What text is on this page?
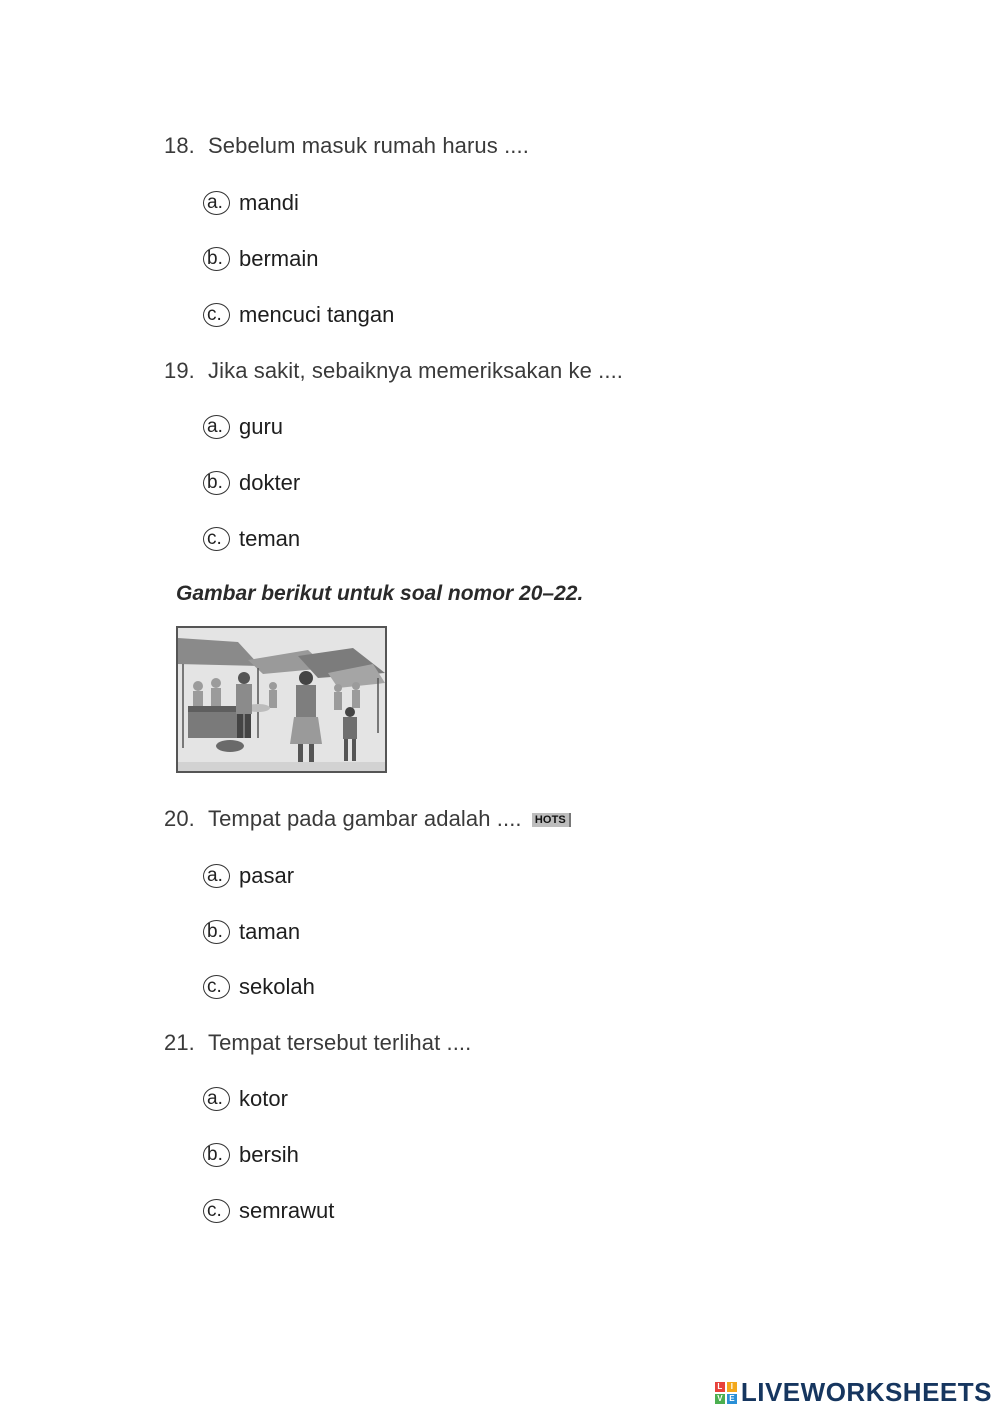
18. Sebelum masuk rumah harus ....
a. mandi
b. bermain
c. mencuci tangan
19. Jika sakit, sebaiknya memeriksakan ke ....
a. guru
b. dokter
c. teman
Gambar berikut untuk soal nomor 20–22.
20. Tempat pada gambar adalah .... HOTS
a. pasar
b. taman
c. sekolah
21. Tempat tersebut terlihat ....
a. kotor
b. bersih
c. semrawut
L	I
V E LIVEWORKSHEETS
